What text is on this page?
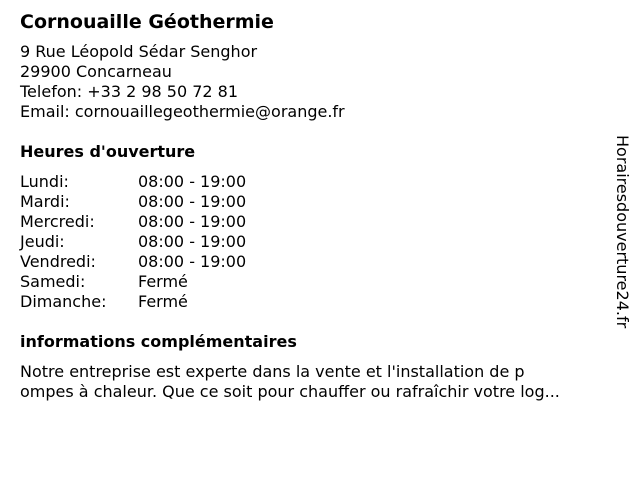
Cornouaille Géothermie
9 Rue Léopold Sédar Senghor
29900 Concarneau
Telefon: +33 2 98 50 72 81
Email: cornouaillegeothermie@orange.fr
Heures d'ouverture
Lundi:	08:00 - 19:00
Mardi:	08:00 - 19:00
Mercredi:	08:00 - 19:00
Jeudi:	08:00 - 19:00
Vendredi:	08:00 - 19:00
Samedi:	Fermé
Dimanche:	Fermé
informations complémentaires
Notre entreprise est experte dans la vente et l'installation de p
ompes à chaleur. Que ce soit pour chauffer ou rafraîchir votre log...
Horairesdouverture24.fr
